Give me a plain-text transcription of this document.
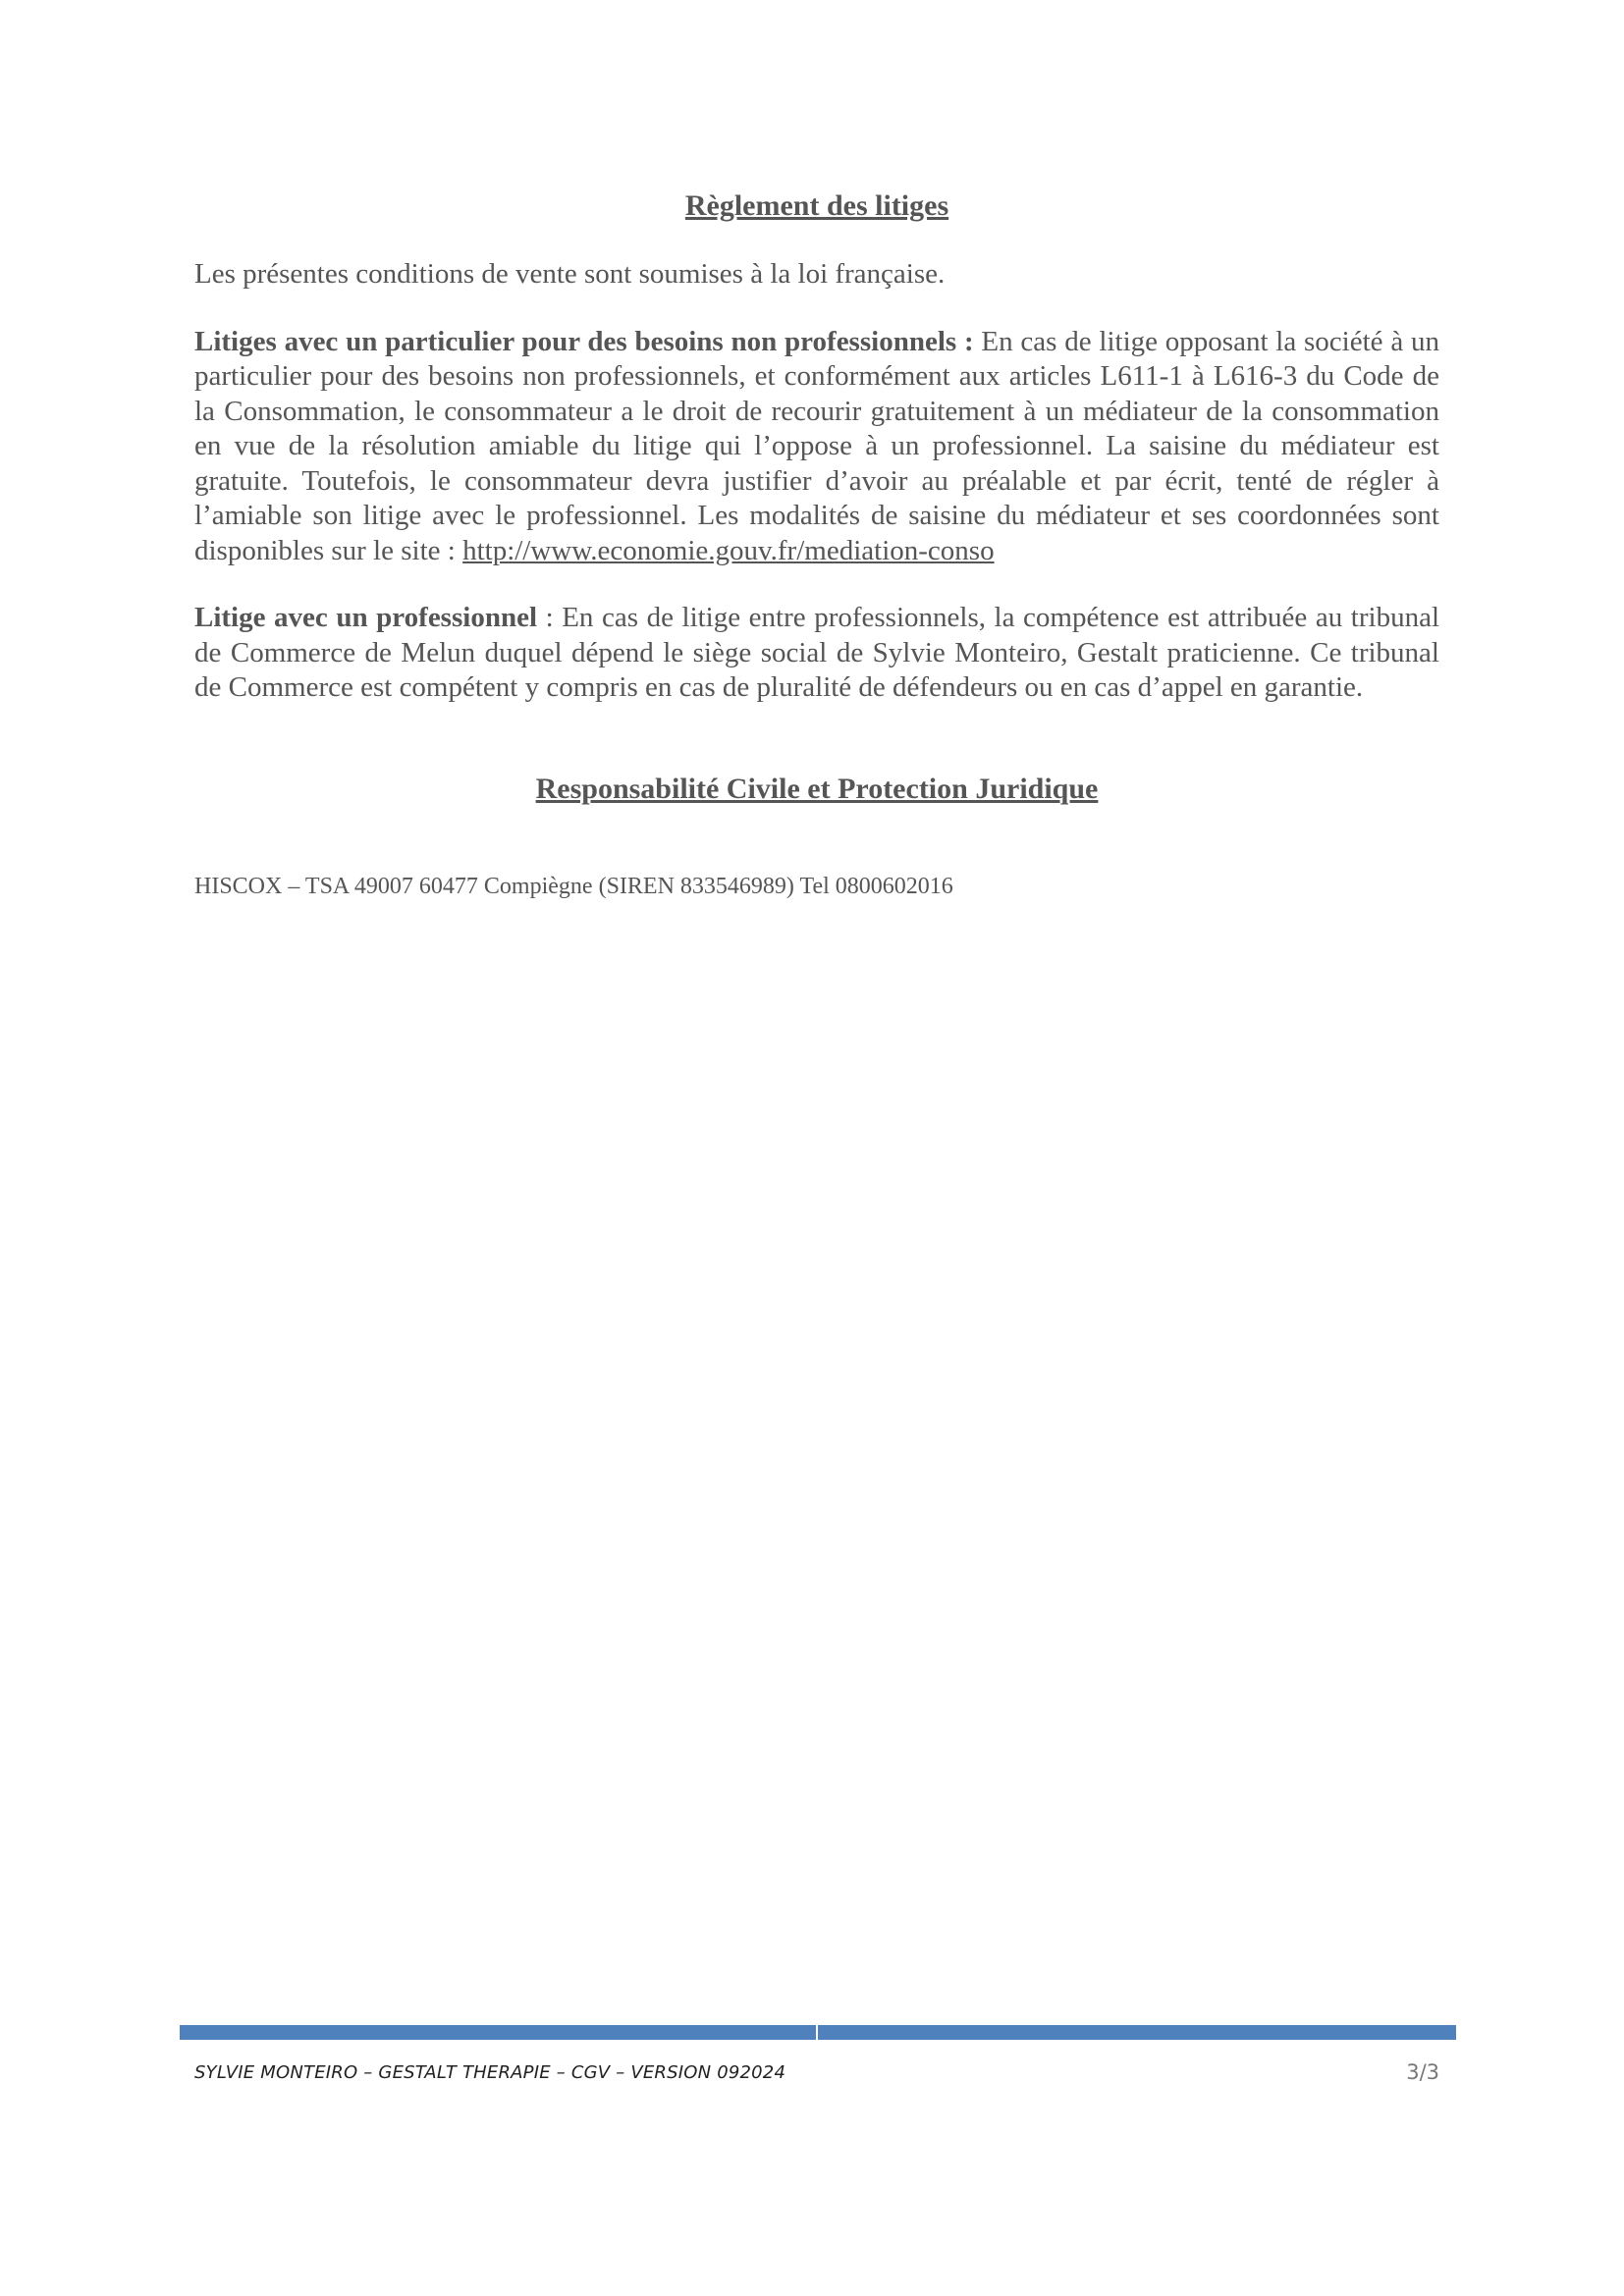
Règlement des litiges

Les présentes conditions de vente sont soumises à la loi française.

Litiges avec un particulier pour des besoins non professionnels : En cas de litige opposant la société à un particulier pour des besoins non professionnels, et conformément aux articles L611-1 à L616-3 du Code de la Consommation, le consommateur a le droit de recourir gratuitement à un médiateur de la consommation en vue de la résolution amiable du litige qui l’oppose à un professionnel. La saisine du médiateur est gratuite. Toutefois, le consommateur devra justifier d’avoir au préalable et par écrit, tenté de régler à l’amiable son litige avec le professionnel. Les modalités de saisine du médiateur et ses coordonnées sont disponibles sur le site : http://www.economie.gouv.fr/mediation-conso

Litige avec un professionnel : En cas de litige entre professionnels, la compétence est attribuée au tribunal de Commerce de Melun duquel dépend le siège social de Sylvie Monteiro, Gestalt praticienne. Ce tribunal de Commerce est compétent y compris en cas de pluralité de défendeurs ou en cas d’appel en garantie.

Responsabilité Civile et Protection Juridique

HISCOX – TSA 49007 60477 Compiègne (SIREN 833546989) Tel 0800602016

SYLVIE MONTEIRO – GESTALT THERAPIE – CGV – VERSION 092024	3/3
